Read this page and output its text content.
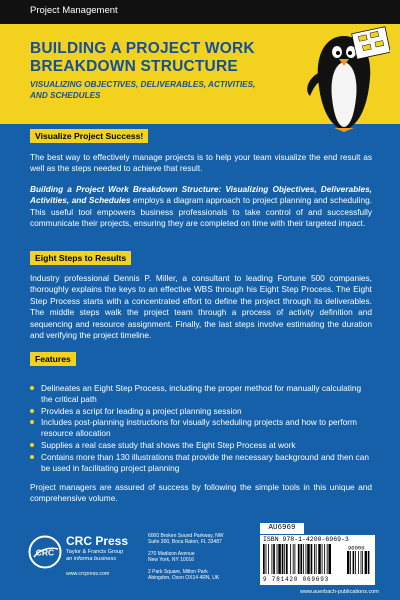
Project Management
BUILDING A PROJECT WORK
BREAKDOWN STRUCTURE
VISUALIZING OBJECTIVES, DELIVERABLES, ACTIVITIES,
AND SCHEDULES
Visualize Project Success!

The best way to effectively manage projects is to help your team visualize the end result as well as the steps needed to achieve that result.

Building a Project Work Breakdown Structure: Visualizing Objectives, Deliverables, Activities, and Schedules employs a diagram approach to project planning and scheduling. This useful tool empowers business professionals to take control of and successfully communicate their projects, ensuring they are completed on time with their targeted impact.

Eight Steps to Results

Industry professional Dennis P. Miller, a consultant to leading Fortune 500 companies, thoroughly explains the keys to an effective WBS through his Eight Step Process. The Eight Step Process starts with a concentrated effort to define the project through its deliverables. The middle steps walk the project team through a process of activity definition and sequencing and resource assignment. Finally, the last steps involve estimating the duration and verifying the project timeline.

Features
Delineates an Eight Step Process, including the proper method for manually calculating the critical path
Provides a script for leading a project planning session
Includes post-planning instructions for visually scheduling projects and how to perform resource allocation
Supplies a real case study that shows the Eight Step Process at work
Contains more than 130 illustrations that provide the necessary background and then can be used in facilitating project planning

Project managers are assured of success by following the simple tools in this unique and comprehensive volume.

CRC
CRC Press
Taylor & Francis Group
an informa business
www.crcpress.com
6000 Broken Sound Parkway, NW
Suite 300, Boca Raton, FL 33487
270 Madison Avenue
New York, NY 10016
2 Park Square, Milton Park
Abingdon, Oxon OX14 4RN, UK
AU6969
ISBN 978-1-4200-6969-3
90000
9 781420 069693
www.auerbach-publications.com
